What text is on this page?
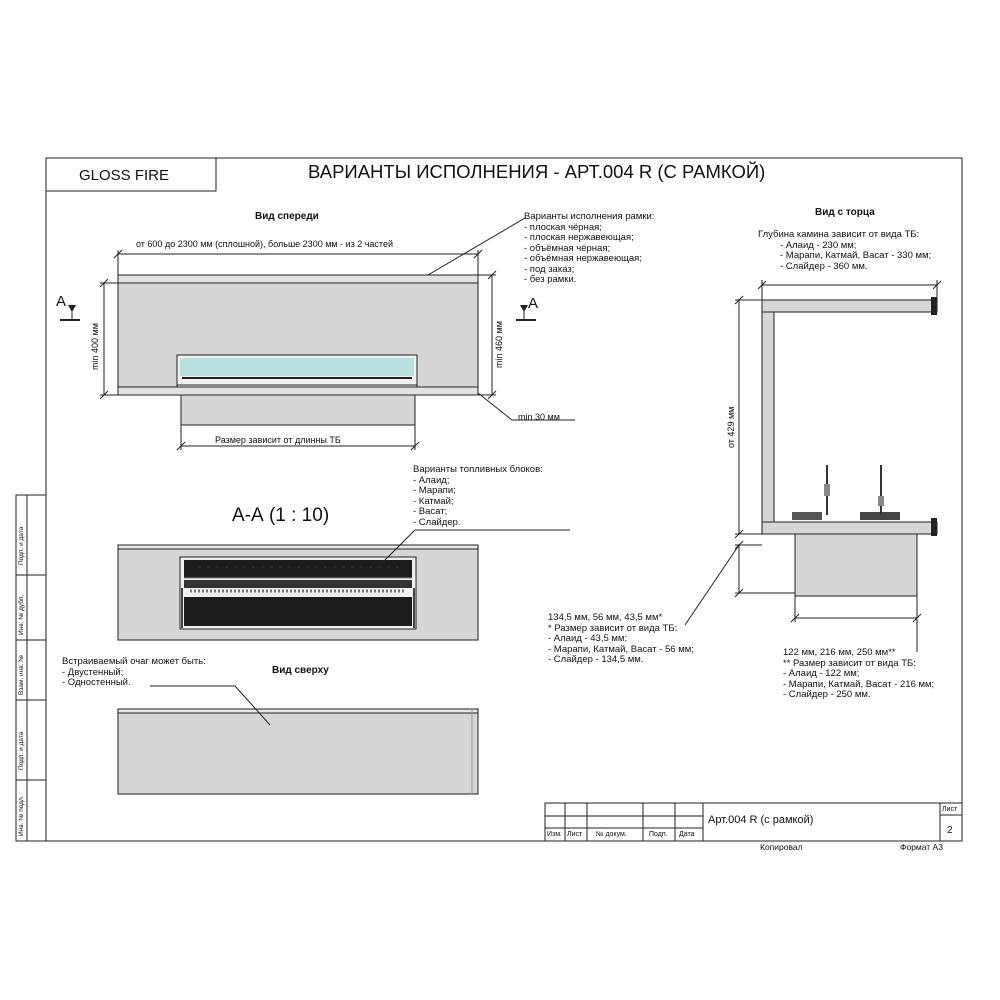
GLOSS FIRE	ВАРИАНТЫ ИСПОЛНЕНИЯ - АРТ.004 R (С РАМКОЙ)
Вид спереди
от 600 до 2300 мм (сплошной), больше 2300 мм - из 2 частей
min 400 мм	min 460 мм
min 30 мм
Размер зависит от длинны ТБ
A	A
Варианты исполнения рамки:
- плоская чёрная;
- плоская нержавеющая;
- объёмная чёрная;
- объёмная нержавеющая;
- под заказ;
- без рамки.
А-А (1 : 10)
Варианты топливных блоков:
- Алаид;
- Марапи;
- Катмай;
- Васат;
- Слайдер.
Вид сверху
Встраиваемый очаг может быть:
- Двустенный;
- Одностенный.
Вид с торца
Глубина камина зависит от вида ТБ:
- Алаид - 230 мм;
- Марапи, Катмай, Васат - 330 мм;
- Слайдер - 360 мм.
от 429 мм
134,5 мм, 56 мм, 43,5 мм*
* Размер зависит от вида ТБ:
- Алаид - 43,5 мм;
- Марапи, Катмай, Васат - 56 мм;
- Слайдер - 134,5 мм.
122 мм, 216 мм, 250 мм**
** Размер зависит от вида ТБ:
- Алаид - 122 мм;
- Марапи, Катмай, Васат - 216 мм;
- Слайдер - 250 мм.
Подп. и дата
Инв. № дубл.
Взам. инв. №
Подп. и дата
Инв. № подл.	Арт.004 R (с рамкой)
Лист
2
Изм. Лист № докум.	Подп. Дата
Копировал	Формат А3
